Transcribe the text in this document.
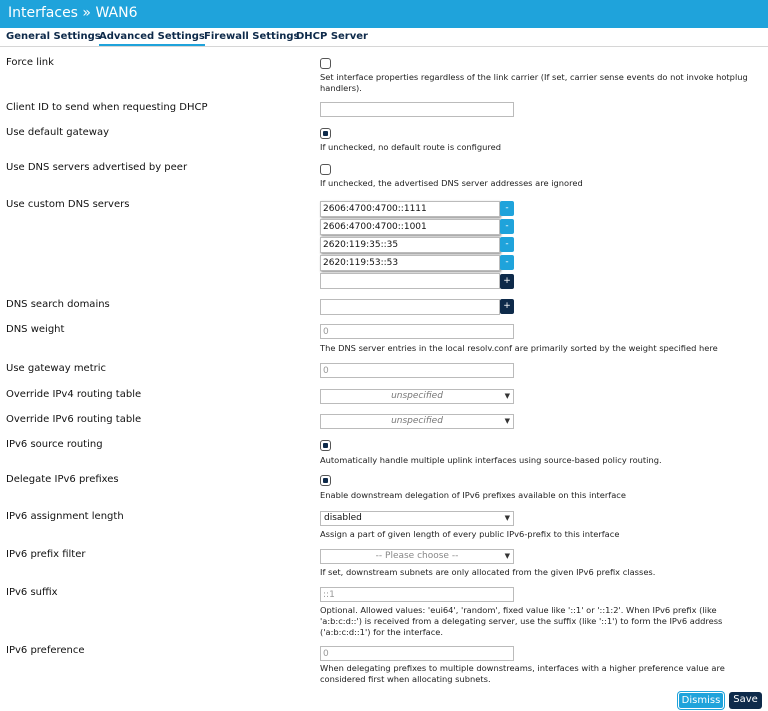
Interfaces » WAN6
General Settings
Advanced Settings Firewall Settings
DHCP Server
Force link
Set interface properties regardless of the link carrier (If set, carrier sense events do not invoke hotplug handlers).
Client ID to send when requesting DHCP
Use default gateway
If unchecked, no default route is configured
Use DNS servers advertised by peer
If unchecked, the advertised DNS server addresses are ignored
Use custom DNS servers	2606:4700:4700::1111	-
2606:4700:4700::1001	-
2620:119:35::35	-
2620:119:53::53	-
+
DNS search domains	+
DNS weight	0
The DNS server entries in the local resolv.conf are primarily sorted by the weight specified here
Use gateway metric	0
Override IPv4 routing table	unspecified	▼
Override IPv6 routing table	unspecified	▼
IPv6 source routing
Automatically handle multiple uplink interfaces using source-based policy routing.
Delegate IPv6 prefixes
Enable downstream delegation of IPv6 prefixes available on this interface
IPv6 assignment length	disabled	▼
Assign a part of given length of every public IPv6-prefix to this interface
IPv6 prefix filter	-- Please choose --	▼
If set, downstream subnets are only allocated from the given IPv6 prefix classes.
IPv6 suffix	::1
Optional. Allowed values: 'eui64', 'random', fixed value like '::1' or '::1:2'. When IPv6 prefix (like 'a:b:c:d::') is received from a delegating server, use the suffix (like '::1') to form the IPv6 address ('a:b:c:d::1') for the interface.
IPv6 preference	0
When delegating prefixes to multiple downstreams, interfaces with a higher preference value are considered first when allocating subnets.
Dismiss	Save
